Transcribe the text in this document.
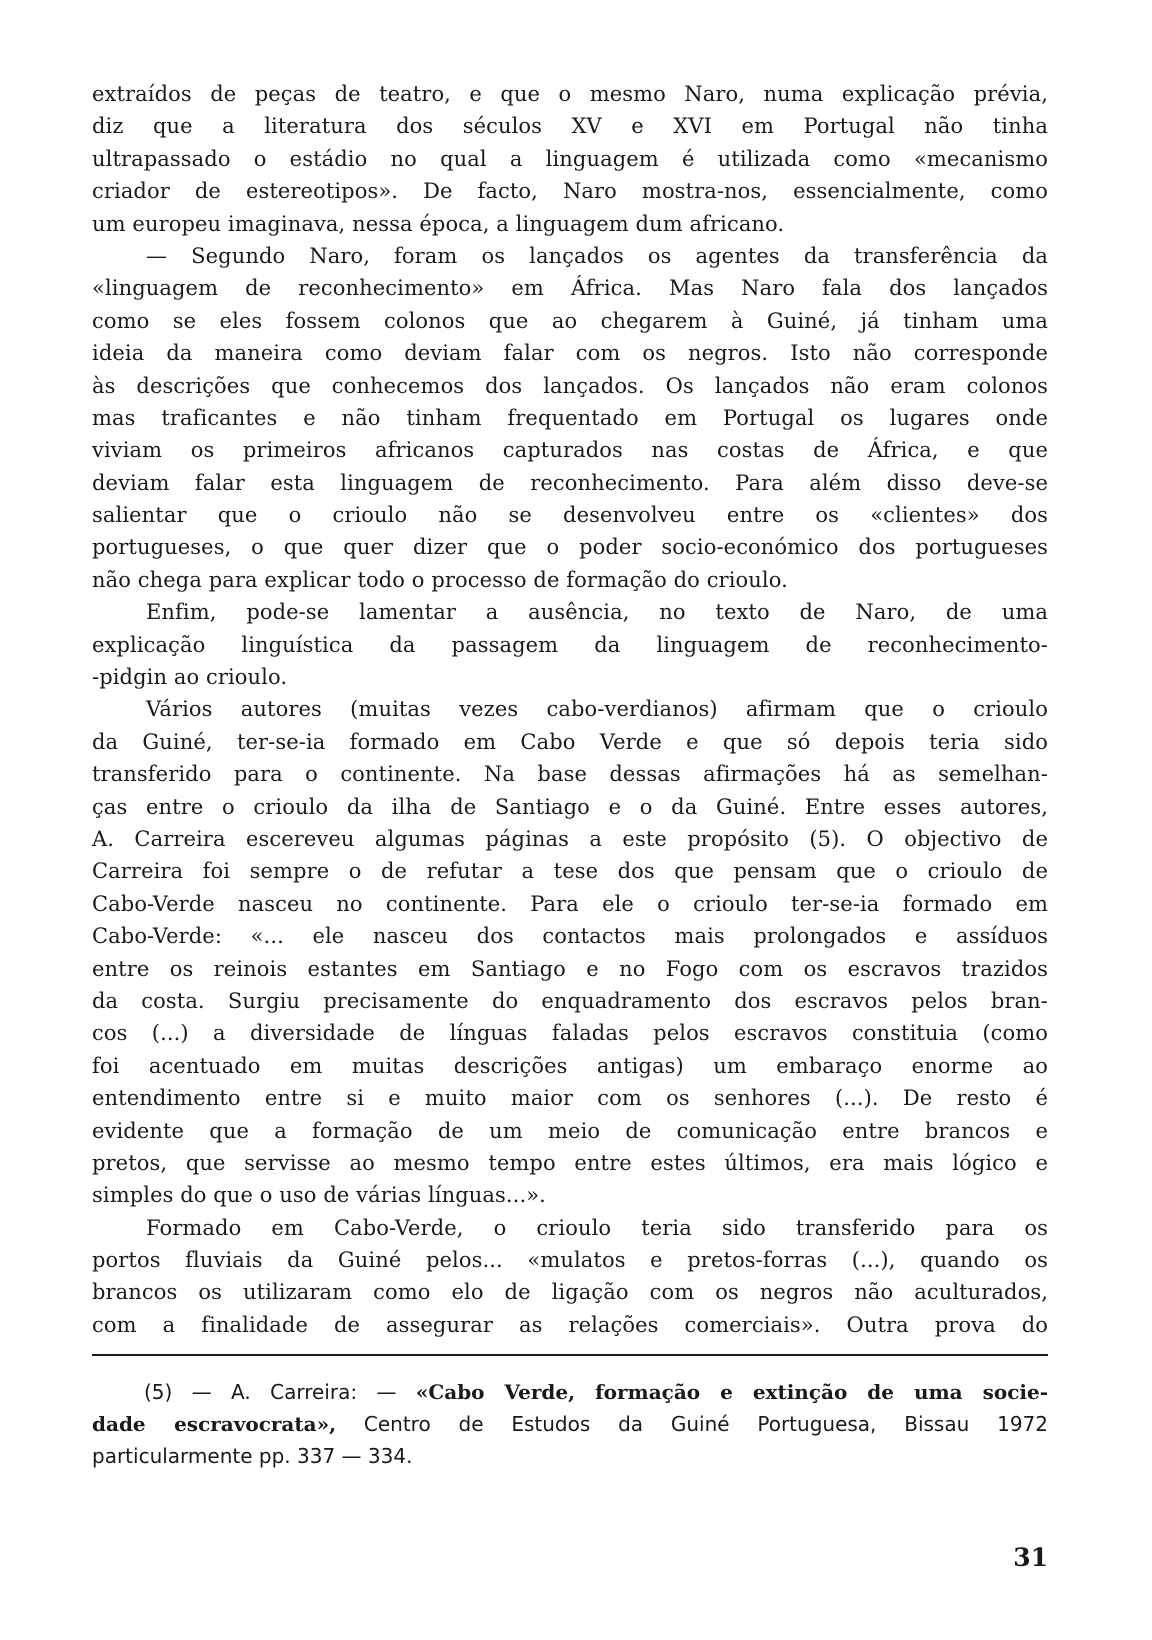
extraídos de peças de teatro, e que o mesmo Naro, numa explicação prévia,
diz que a literatura dos séculos XV e XVI em Portugal não tinha
ultrapassado o estádio no qual a linguagem é utilizada como «mecanismo
criador de estereotipos». De facto, Naro mostra-nos, essencialmente, como
um europeu imaginava, nessa época, a linguagem dum africano.
— Segundo Naro, foram os lançados os agentes da transferência da
«linguagem de reconhecimento» em África. Mas Naro fala dos lançados
como se eles fossem colonos que ao chegarem à Guiné, já tinham uma
ideia da maneira como deviam falar com os negros. Isto não corresponde
às descrições que conhecemos dos lançados. Os lançados não eram colonos
mas traficantes e não tinham frequentado em Portugal os lugares onde
viviam os primeiros africanos capturados nas costas de África, e que
deviam falar esta linguagem de reconhecimento. Para além disso deve-se
salientar que o crioulo não se desenvolveu entre os «clientes» dos
portugueses, o que quer dizer que o poder socio-económico dos portugueses
não chega para explicar todo o processo de formação do crioulo.
Enfim, pode-se lamentar a ausência, no texto de Naro, de uma
explicação linguística da passagem da linguagem de reconhecimento-
-pidgin ao crioulo.
Vários autores (muitas vezes cabo-verdianos) afirmam que o crioulo
da Guiné, ter-se-ia formado em Cabo Verde e que só depois teria sido
transferido para o continente. Na base dessas afirmações há as semelhan-
ças entre o crioulo da ilha de Santiago e o da Guiné. Entre esses autores,
A. Carreira escereveu algumas páginas a este propósito (5). O objectivo de
Carreira foi sempre o de refutar a tese dos que pensam que o crioulo de
Cabo-Verde nasceu no continente. Para ele o crioulo ter-se-ia formado em
Cabo-Verde: «... ele nasceu dos contactos mais prolongados e assíduos
entre os reinois estantes em Santiago e no Fogo com os escravos trazidos
da costa. Surgiu precisamente do enquadramento dos escravos pelos bran-
cos (...) a diversidade de línguas faladas pelos escravos constituia (como
foi acentuado em muitas descrições antigas) um embaraço enorme ao
entendimento entre si e muito maior com os senhores (...). De resto é
evidente que a formação de um meio de comunicação entre brancos e
pretos, que servisse ao mesmo tempo entre estes últimos, era mais lógico e
simples do que o uso de várias línguas...».
Formado em Cabo-Verde, o crioulo teria sido transferido para os
portos fluviais da Guiné pelos... «mulatos e pretos-forras (...), quando os
brancos os utilizaram como elo de ligação com os negros não aculturados,
com a finalidade de assegurar as relações comerciais». Outra prova do
(5) — A. Carreira: — «Cabo Verde, formação e extinção de uma socie-
dade escravocrata», Centro de Estudos da Guiné Portuguesa, Bissau 1972
particularmente pp. 337 — 334.
31
